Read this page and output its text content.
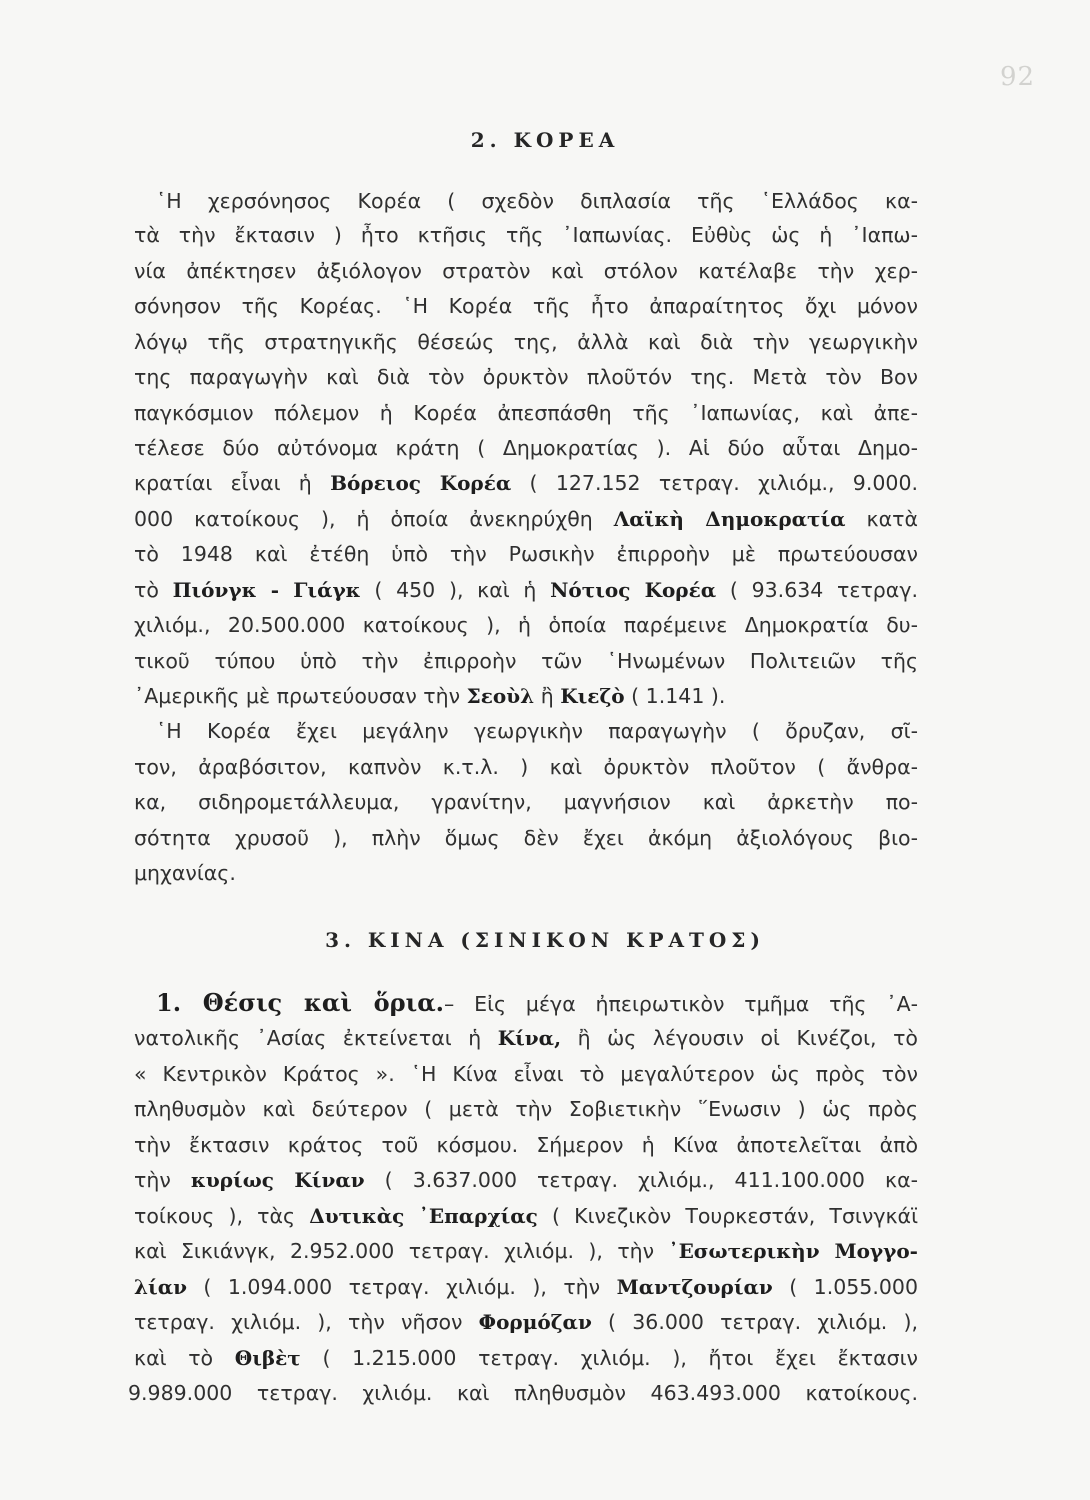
92
2. ΚΟΡΕΑ
῾Η χερσόνησος Κορέα ( σχεδὸν διπλασία τῆς ῾Ελλάδος κα-
τὰ τὴν ἔκτασιν ) ἦτο κτῆσις τῆς ᾿Ιαπωνίας. Εὐθὺς ὡς ἡ ᾿Ιαπω-
νία ἀπέκτησεν ἀξιόλογον στρατὸν καὶ στόλον κατέλαβε τὴν χερ-
σόνησον τῆς Κορέας. ῾Η Κορέα τῆς ἦτο ἀπαραίτητος ὄχι μόνον
λόγῳ τῆς στρατηγικῆς θέσεώς της, ἀλλὰ καὶ διὰ τὴν γεωργικὴν
της παραγωγὴν καὶ διὰ τὸν ὀρυκτὸν πλοῦτόν της. Μετὰ τὸν Βον
παγκόσμιον πόλεμον ἡ Κορέα ἀπεσπάσθη τῆς ᾿Ιαπωνίας, καὶ ἀπε-
τέλεσε δύο αὐτόνομα κράτη ( Δημοκρατίας ). Αἱ δύο αὗται Δημο-
κρατίαι εἶναι ἡ Βόρειος Κορέα ( 127.152 τετραγ. χιλιόμ., 9.000.
000 κατοίκους ), ἡ ὁποία ἀνεκηρύχθη Λαϊκὴ Δημοκρατία κατὰ
τὸ 1948 καὶ ἐτέθη ὑπὸ τὴν Ρωσικὴν ἐπιρροὴν μὲ πρωτεύουσαν
τὸ Πιόνγκ - Γιάγκ ( 450 ), καὶ ἡ Νότιος Κορέα ( 93.634 τετραγ.
χιλιόμ., 20.500.000 κατοίκους ), ἡ ὁποία παρέμεινε Δημοκρατία δυ-
τικοῦ τύπου ὑπὸ τὴν ἐπιρροὴν τῶν ῾Ηνωμένων Πολιτειῶν τῆς
᾿Αμερικῆς μὲ πρωτεύουσαν τὴν Σεοὺλ ἢ Κιεζὸ ( 1.141 ).
῾Η Κορέα ἔχει μεγάλην γεωργικὴν παραγωγὴν ( ὄρυζαν, σῖ-
τον, ἀραβόσιτον, καπνὸν κ.τ.λ. ) καὶ ὀρυκτὸν πλοῦτον ( ἄνθρα-
κα, σιδηρομετάλλευμα, γρανίτην, μαγνήσιον καὶ ἀρκετὴν πο-
σότητα χρυσοῦ ), πλὴν ὅμως δὲν ἔχει ἀκόμη ἀξιολόγους βιο-
μηχανίας.
3. ΚΙΝΑ (ΣΙΝΙΚΟΝ ΚΡΑΤΟΣ)
1. Θέσις καὶ ὅρια.– Εἰς μέγα ἠπειρωτικὸν τμῆμα τῆς ᾿Α-
νατολικῆς ᾿Ασίας ἐκτείνεται ἡ Κίνα, ἢ ὡς λέγουσιν οἱ Κινέζοι, τὸ
« Κεντρικὸν Κράτος ». ῾Η Κίνα εἶναι τὸ μεγαλύτερον ὡς πρὸς τὸν
πληθυσμὸν καὶ δεύτερον ( μετὰ τὴν Σοβιετικὴν ῞Ενωσιν ) ὡς πρὸς
τὴν ἔκτασιν κράτος τοῦ κόσμου. Σήμερον ἡ Κίνα ἀποτελεῖται ἀπὸ
τὴν κυρίως Κίναν ( 3.637.000 τετραγ. χιλιόμ., 411.100.000 κα-
τοίκους ), τὰς Δυτικὰς ᾿Επαρχίας ( Κινεζικὸν Τουρκεστάν, Τσινγκάϊ
καὶ Σικιάνγκ, 2.952.000 τετραγ. χιλιόμ. ), τὴν ᾿Εσωτερικὴν Μογγο-
λίαν ( 1.094.000 τετραγ. χιλιόμ. ), τὴν Μαντζουρίαν ( 1.055.000
τετραγ. χιλιόμ. ), τὴν νῆσον Φορμόζαν ( 36.000 τετραγ. χιλιόμ. ),
καὶ τὸ Θιβὲτ ( 1.215.000 τετραγ. χιλιόμ. ), ἤτοι ἔχει ἔκτασιν
9.989.000 τετραγ. χιλιόμ. καὶ πληθυσμὸν 463.493.000 κατοίκους.
